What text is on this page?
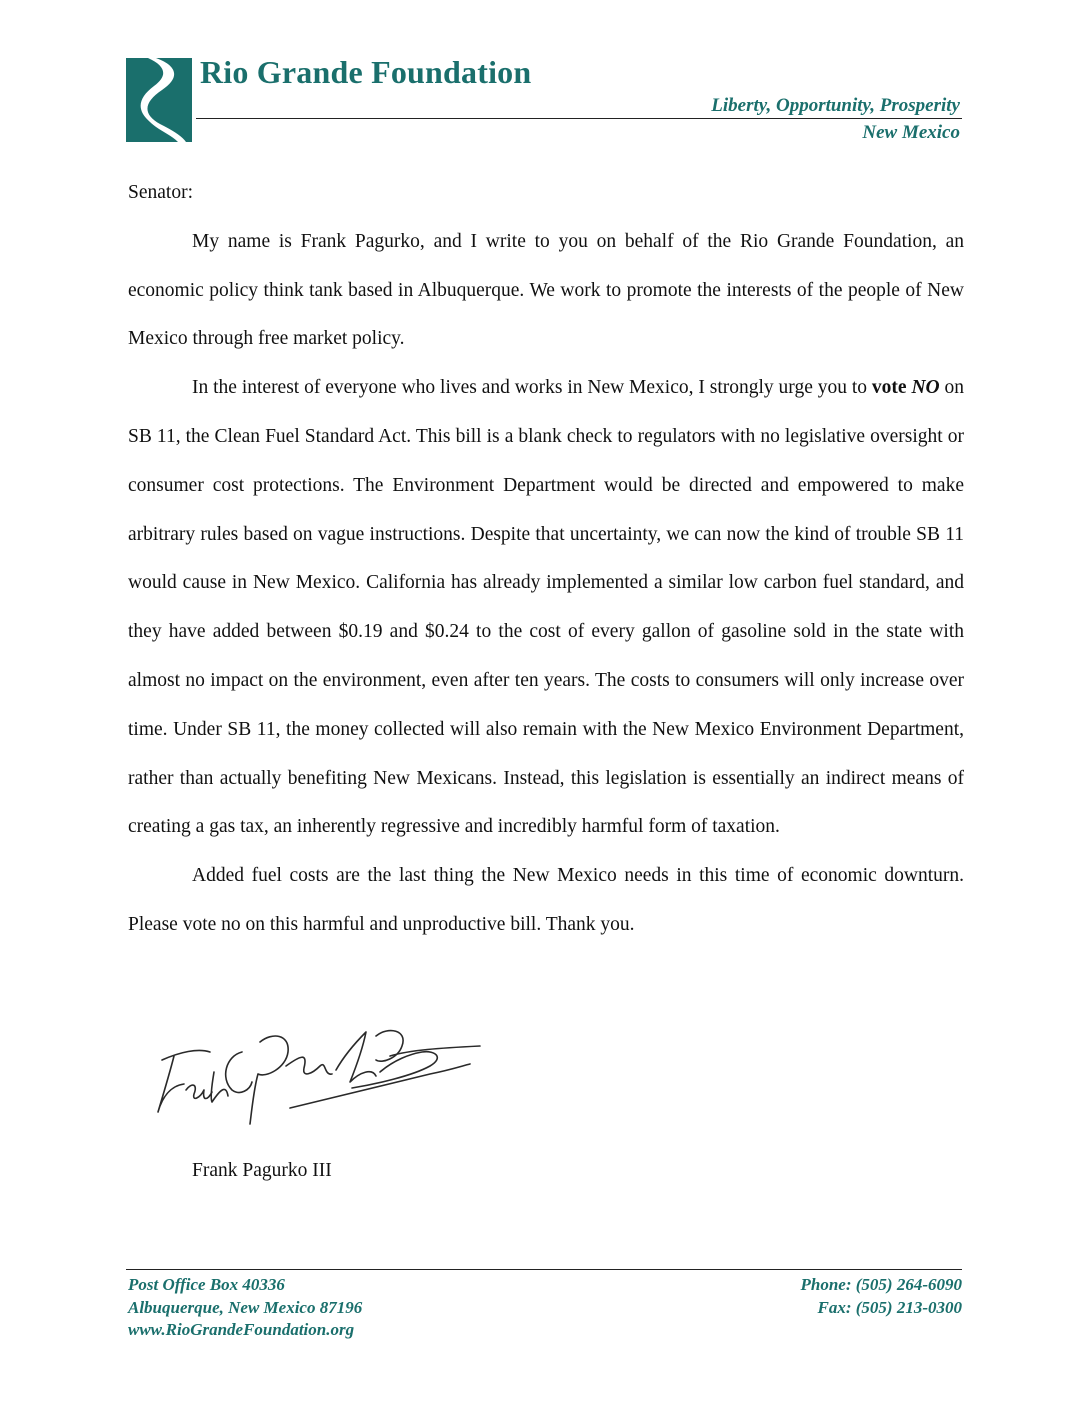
Rio Grande Foundation
Liberty, Opportunity, Prosperity
New Mexico

Senator:

My name is Frank Pagurko, and I write to you on behalf of the Rio Grande Foundation, an economic policy think tank based in Albuquerque. We work to promote the interests of the people of New Mexico through free market policy.

In the interest of everyone who lives and works in New Mexico, I strongly urge you to vote NO on SB 11, the Clean Fuel Standard Act. This bill is a blank check to regulators with no legislative oversight or consumer cost protections. The Environment Department would be directed and empowered to make arbitrary rules based on vague instructions. Despite that uncertainty, we can now the kind of trouble SB 11 would cause in New Mexico. California has already implemented a similar low carbon fuel standard, and they have added between $0.19 and $0.24 to the cost of every gallon of gasoline sold in the state with almost no impact on the environment, even after ten years. The costs to consumers will only increase over time. Under SB 11, the money collected will also remain with the New Mexico Environment Department, rather than actually benefiting New Mexicans. Instead, this legislation is essentially an indirect means of creating a gas tax, an inherently regressive and incredibly harmful form of taxation.

Added fuel costs are the last thing the New Mexico needs in this time of economic downturn. Please vote no on this harmful and unproductive bill. Thank you.

Frank Pagurko III
Post Office Box 40336
Albuquerque, New Mexico 87196
www.RioGrandeFoundation.org
Phone: (505) 264-6090
Fax: (505) 213-0300
